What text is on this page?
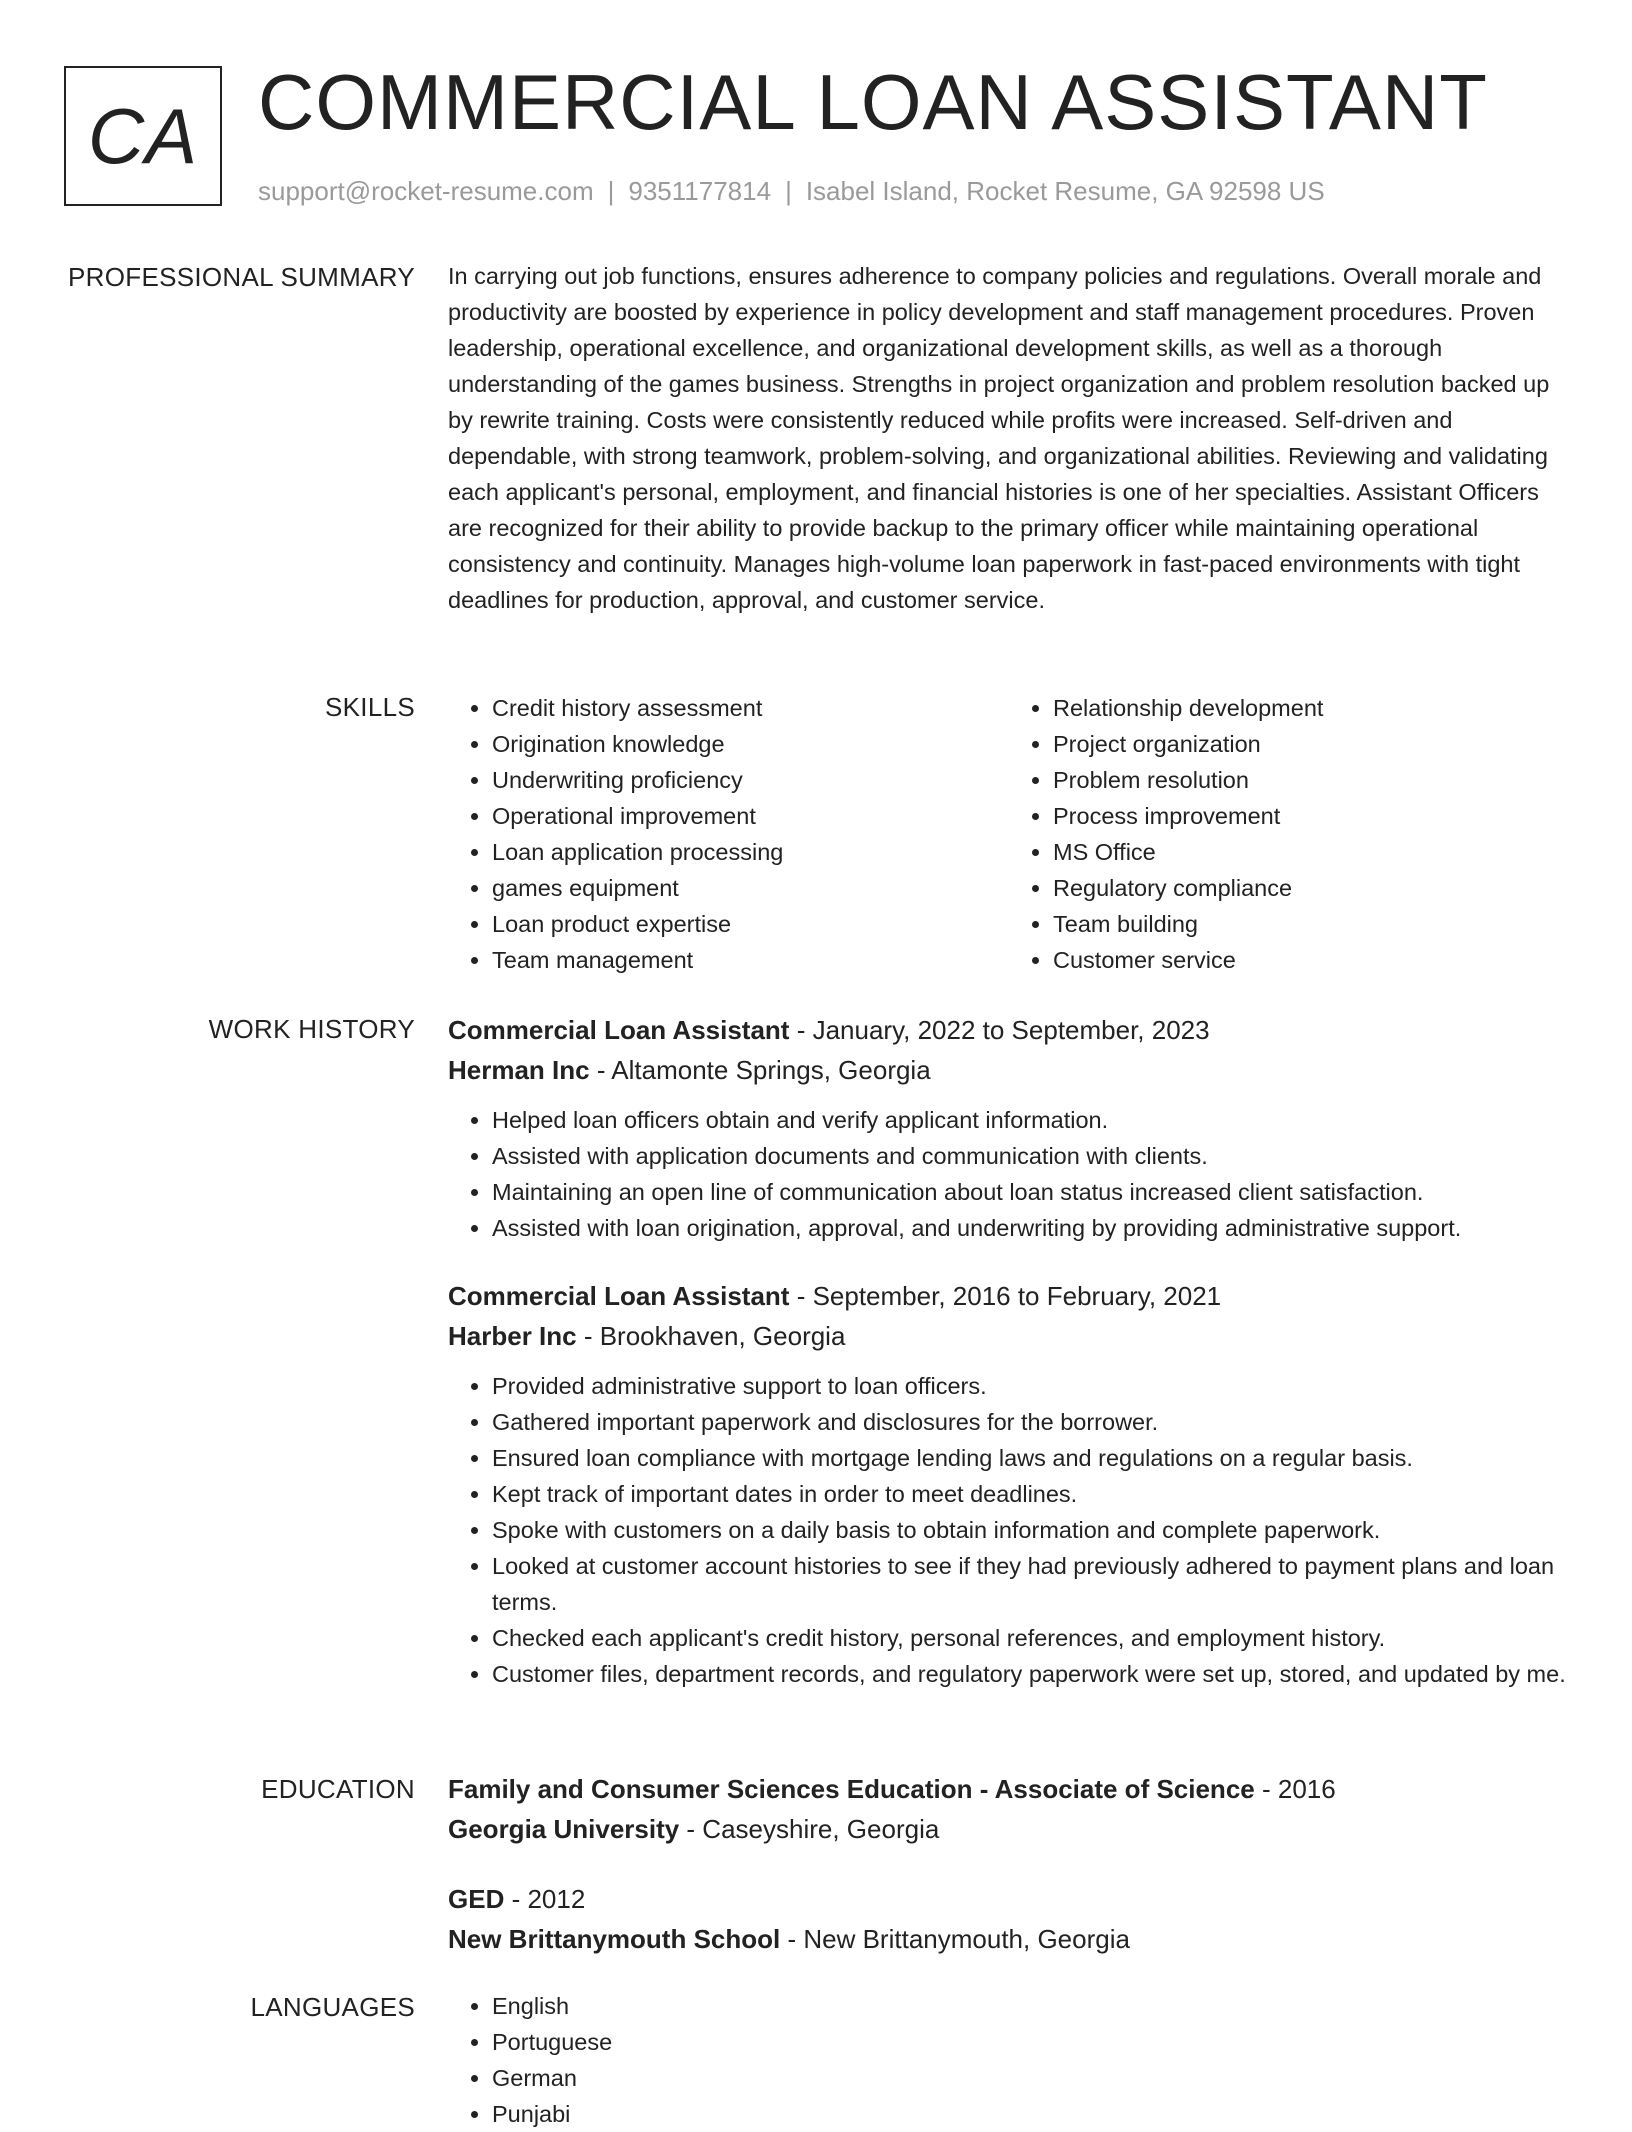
CA COMMERCIAL LOAN ASSISTANT
support@rocket-resume.com | 9351177814 | Isabel Island, Rocket Resume, GA 92598 US
PROFESSIONAL SUMMARY In carrying out job functions, ensures adherence to company policies and regulations. Overall morale and productivity are boosted by experience in policy development and staff management procedures. Proven leadership, operational excellence, and organizational development skills, as well as a thorough understanding of the games business. Strengths in project organization and problem resolution backed up by rewrite training. Costs were consistently reduced while profits were increased. Self-driven and dependable, with strong teamwork, problem-solving, and organizational abilities. Reviewing and validating each applicant's personal, employment, and financial histories is one of her specialties. Assistant Officers are recognized for their ability to provide backup to the primary officer while maintaining operational consistency and continuity. Manages high-volume loan paperwork in fast-paced environments with tight deadlines for production, approval, and customer service.

SKILLS	• Credit history assessment
• Origination knowledge
• Underwriting proficiency
• Operational improvement
• Loan application processing
• games equipment
• Loan product expertise
• Team management
• Relationship development
• Project organization
• Problem resolution
• Process improvement
• MS Office
• Regulatory compliance
• Team building
• Customer service
WORK HISTORY Commercial Loan Assistant - January, 2022 to September, 2023
Herman Inc - Altamonte Springs, Georgia
• Helped loan officers obtain and verify applicant information.
• Assisted with application documents and communication with clients.
• Maintaining an open line of communication about loan status increased client satisfaction.
• Assisted with loan origination, approval, and underwriting by providing administrative support.
Commercial Loan Assistant - September, 2016 to February, 2021
Harber Inc - Brookhaven, Georgia
• Provided administrative support to loan officers.
• Gathered important paperwork and disclosures for the borrower.
• Ensured loan compliance with mortgage lending laws and regulations on a regular basis.
• Kept track of important dates in order to meet deadlines.
• Spoke with customers on a daily basis to obtain information and complete paperwork.
• Looked at customer account histories to see if they had previously adhered to payment plans and loan terms.
• Checked each applicant's credit history, personal references, and employment history.
• Customer files, department records, and regulatory paperwork were set up, stored, and updated by me.
EDUCATION Family and Consumer Sciences Education - Associate of Science - 2016
Georgia University - Caseyshire, Georgia
GED - 2012
New Brittanymouth School - New Brittanymouth, Georgia
LANGUAGES	• English
• Portuguese
• German
• Punjabi
